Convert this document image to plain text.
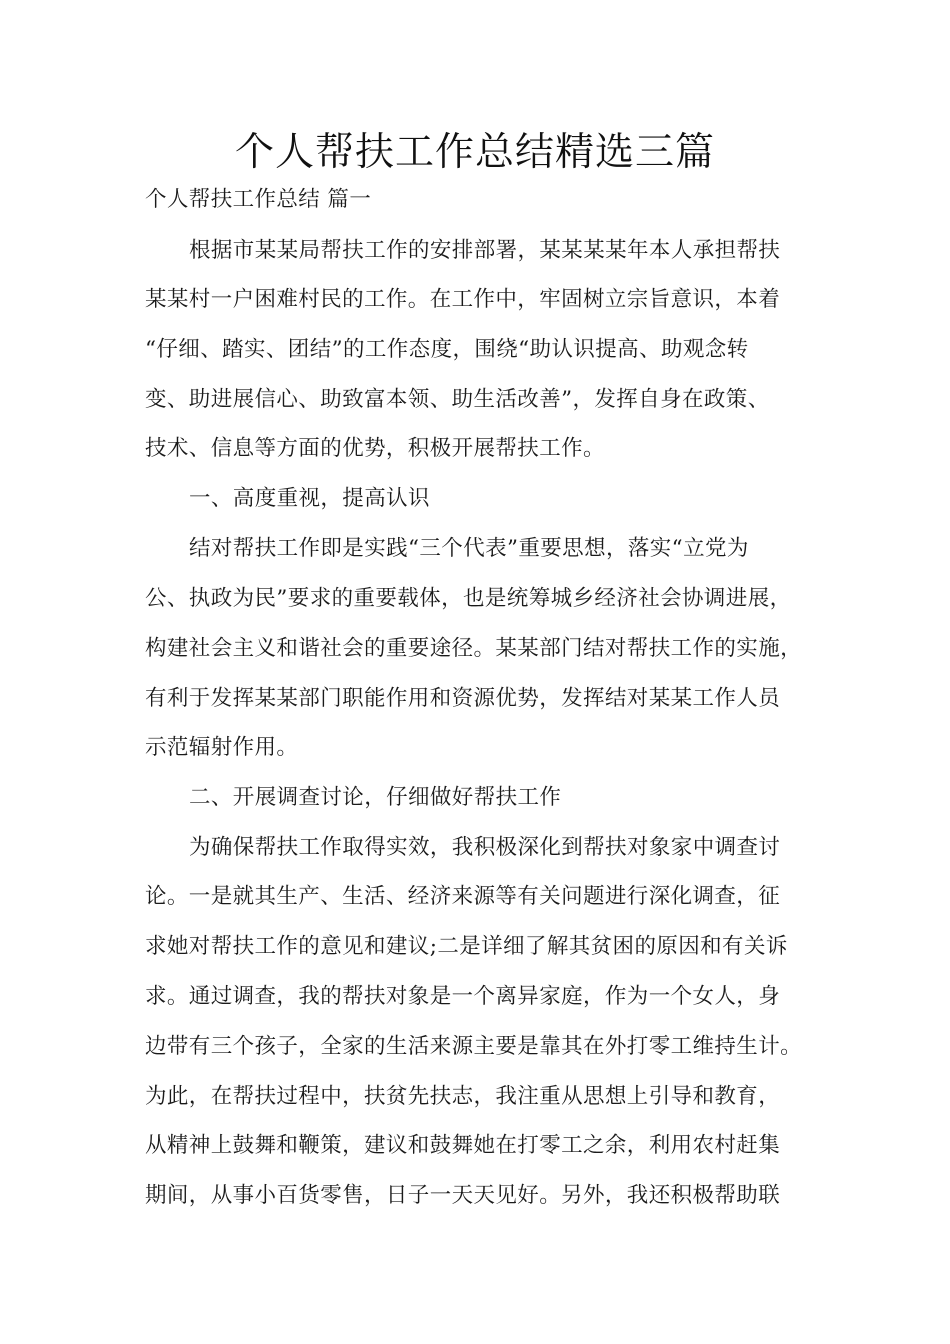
个人帮扶工作总结精选三篇
个人帮扶工作总结 篇一
根据市某某局帮扶工作的安排部署，某某某某年本人承担帮扶
某某村一户困难村民的工作。在工作中，牢固树立宗旨意识，本着
“仔细、踏实、团结”的工作态度，围绕“助认识提高、助观念转
变、助进展信心、助致富本领、助生活改善”，发挥自身在政策、
技术、信息等方面的优势，积极开展帮扶工作。
一、高度重视，提高认识
结对帮扶工作即是实践“三个代表”重要思想，落实“立党为
公、执政为民”要求的重要载体，也是统筹城乡经济社会协调进展，
构建社会主义和谐社会的重要途径。某某部门结对帮扶工作的实施，
有利于发挥某某部门职能作用和资源优势，发挥结对某某工作人员
示范辐射作用。
二、开展调查讨论，仔细做好帮扶工作
为确保帮扶工作取得实效，我积极深化到帮扶对象家中调查讨
论。一是就其生产、生活、经济来源等有关问题进行深化调查，征
求她对帮扶工作的意见和建议;二是详细了解其贫困的原因和有关诉
求。通过调查，我的帮扶对象是一个离异家庭，作为一个女人，身
边带有三个孩子，全家的生活来源主要是靠其在外打零工维持生计。
为此，在帮扶过程中，扶贫先扶志，我注重从思想上引导和教育，
从精神上鼓舞和鞭策，建议和鼓舞她在打零工之余，利用农村赶集
期间，从事小百货零售，日子一天天见好。另外，我还积极帮助联
